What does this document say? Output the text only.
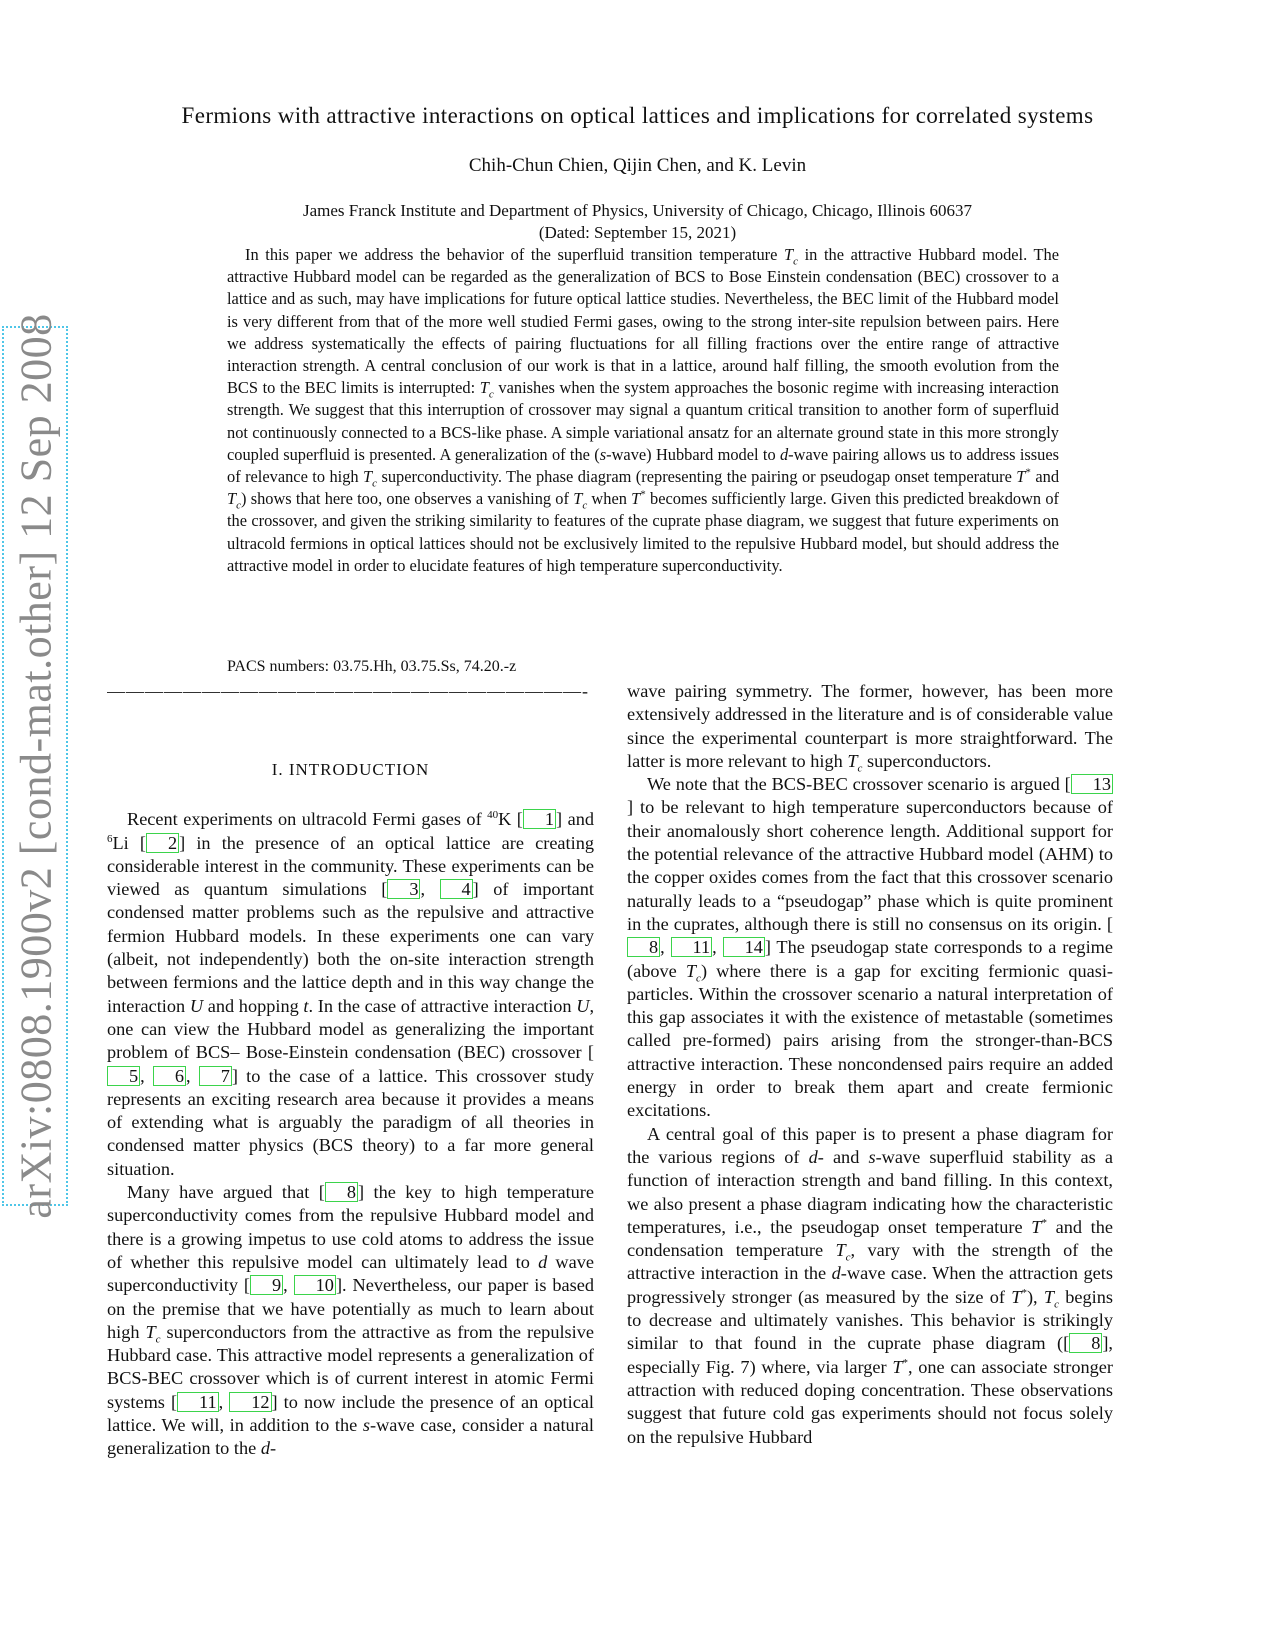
arXiv:0808.1900v2 [cond-mat.other] 12 Sep 2008
Fermions with attractive interactions on optical lattices and implications for correlated systems
Chih-Chun Chien, Qijin Chen, and K. Levin
James Franck Institute and Department of Physics, University of Chicago, Chicago, Illinois 60637
(Dated: September 15, 2021)

In this paper we address the behavior of the superfluid transition temperature $T_c$ in the attractive Hubbard model. The attractive Hubbard model can be regarded as the generalization of BCS to Bose Einstein condensation (BEC) crossover to a lattice and as such, may have implications for future optical lattice studies. Nevertheless, the BEC limit of the Hubbard model is very different from that of the more well studied Fermi gases, owing to the strong inter-site repulsion between pairs. Here we address systematically the effects of pairing fluctuations for all filling fractions over the entire range of attractive interaction strength. A central conclusion of our work is that in a lattice, around half filling, the smooth evolution from the BCS to the BEC limits is interrupted: $T_c$ vanishes when the system approaches the bosonic regime with increasing interaction strength. We suggest that this interruption of crossover may signal a quantum critical transition to another form of superfluid not continuously connected to a BCS-like phase. A simple variational ansatz for an alternate ground state in this more strongly coupled superfluid is presented. A generalization of the (s-wave) Hubbard model to d-wave pairing allows us to address issues of relevance to high $T_c$ superconductivity. The phase diagram (representing the pairing or pseudogap onset temperature T* and $T_c$) shows that here too, one observes a vanishing of $T_c$ when T* becomes sufficiently large. Given this predicted breakdown of the crossover, and given the striking similarity to features of the cuprate phase diagram, we suggest that future experiments on ultracold fermions in optical lattices should not be exclusively limited to the repulsive Hubbard model, but should address the attractive model in order to elucidate features of high temperature superconductivity.

PACS numbers: 03.75.Hh, 03.75.Ss, 74.20.-z
—————————————————————————-
I. INTRODUCTION

Recent experiments on ultracold Fermi gases of $^{40}$K [ 1 ] and $^6$Li [ 2 ] in the presence of an optical lattice are creating considerable interest in the community. These experiments can be viewed as quantum simulations [ 3 , 4 ] of important condensed matter problems such as the repulsive and attractive fermion Hubbard models. In these experiments one can vary (albeit, not independently) both the on-site interaction strength between fermions and the lattice depth and in this way change the interaction U and hopping t. In the case of attractive interaction U, one can view the Hubbard model as generalizing the important problem of BCS– Bose-Einstein condensation (BEC) crossover [5 , 6 , 7 ] to the case of a lattice. This crossover study represents an exciting research area because it provides a means of extending what is arguably the paradigm of all theories in condensed matter physics (BCS theory) to a far more general situation.

Many have argued that [ 8 ] the key to high temperature superconductivity comes from the repulsive Hubbard model and there is a growing impetus to use cold atoms to address the issue of whether this repulsive model can ultimately lead to d wave superconductivity [ 9 , 10 ]. Nevertheless, our paper is based on the premise that we have potentially as much to learn about high $T_c$ superconductors from the attractive as from the repulsive Hubbard case. This attractive model represents a generalization of BCS-BEC crossover which is of current interest in atomic Fermi systems [ 11 , 12 ] to now include the presence of an optical lattice. We will, in addition to the s-wave case, consider a natural generalization to the d-

wave pairing symmetry. The former, however, has been more extensively addressed in the literature and is of considerable value since the experimental counterpart is more straightforward. The latter is more relevant to high $T_c$ superconductors.

We note that the BCS-BEC crossover scenario is argued [ 13] to be relevant to high temperature superconductors because of their anomalously short coherence length. Additional support for the potential relevance of the attractive Hubbard model (AHM) to the copper oxides comes from the fact that this crossover scenario naturally leads to a “pseudogap” phase which is quite prominent in the cuprates, although there is still no consensus on its origin. [8 , 11 , 14 ] The pseudogap state corresponds to a regime (above $T_c$) where there is a gap for exciting fermionic quasi-particles. Within the crossover scenario a natural interpretation of this gap associates it with the existence of metastable (sometimes called pre-formed) pairs arising from the stronger-than-BCS attractive interaction. These noncondensed pairs require an added energy in order to break them apart and create fermionic excitations.

A central goal of this paper is to present a phase diagram for the various regions of d- and s-wave superfluid stability as a function of interaction strength and band filling. In this context, we also present a phase diagram indicating how the characteristic temperatures, i.e., the pseudogap onset temperature T* and the condensation temperature $T_c$, vary with the strength of the attractive interaction in the d-wave case. When the attraction gets progressively stronger (as measured by the size of T*), $T_c$ begins to decrease and ultimately vanishes. This behavior is strikingly similar to that found in the cuprate phase diagram ([ 8 ], especially Fig. 7) where, via larger T*, one can associate stronger attraction with reduced doping concentration. These observations suggest that future cold gas experiments should not focus solely on the repulsive Hubbard
